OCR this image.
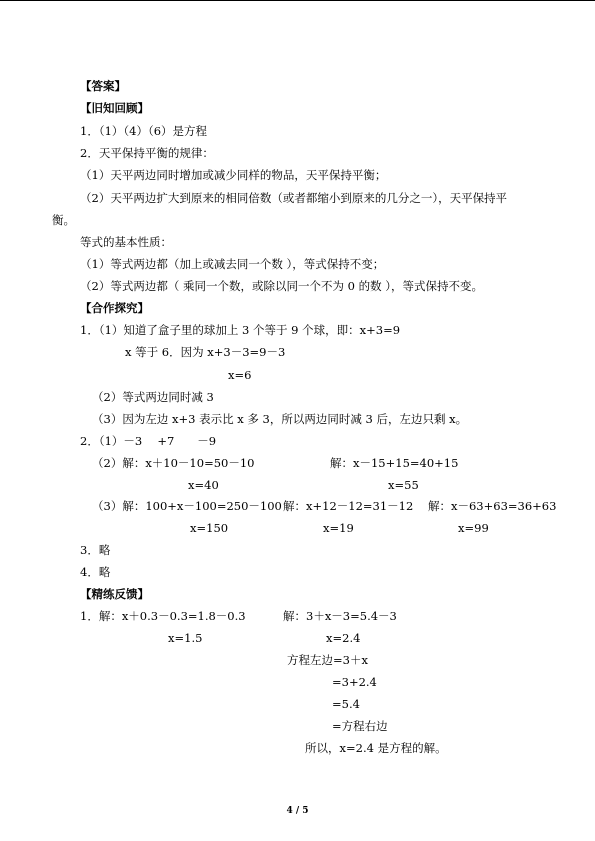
【答案】
【旧知回顾】
1．（1）（4）（6）是方程
2．天平保持平衡的规律：
（1）天平两边同时增加或减少同样的物品，天平保持平衡；
（2）天平两边扩大到原来的相同倍数（或者都缩小到原来的几分之一），天平保持平
衡。
等式的基本性质：
（1）等式两边都（加上或减去同一个数 ），等式保持不变；
（2）等式两边都（ 乘同一个数，或除以同一个不为 0 的数 ），等式保持不变。
【合作探究】
1．（1）知道了盒子里的球加上 3 个等于 9 个球，即：x+3=9
x 等于 6．因为 x+3－3=9－3
x=6
（2）等式两边同时减 3
（3）因为左边 x+3 表示比 x 多 3，所以两边同时减 3 后，左边只剩 x。
2．（1）－3　 +7　　－9
（2）解：x＋10－10=50－10	解：x－15+15=40+15
x=40	x=55
（3）解：100+x－100=250－100 解：x+12－12=31－12 解：x－63+63=36+63
x=150	x=19	x=99
3．略
4．略
【精练反馈】
1．解：x＋0.3－0.3=1.8－0.3	解：3＋x－3=5.4－3
x=1.5	x=2.4
方程左边=3＋x
=3+2.4
=5.4
=方程右边
所以，x=2.4 是方程的解。
4 / 5
